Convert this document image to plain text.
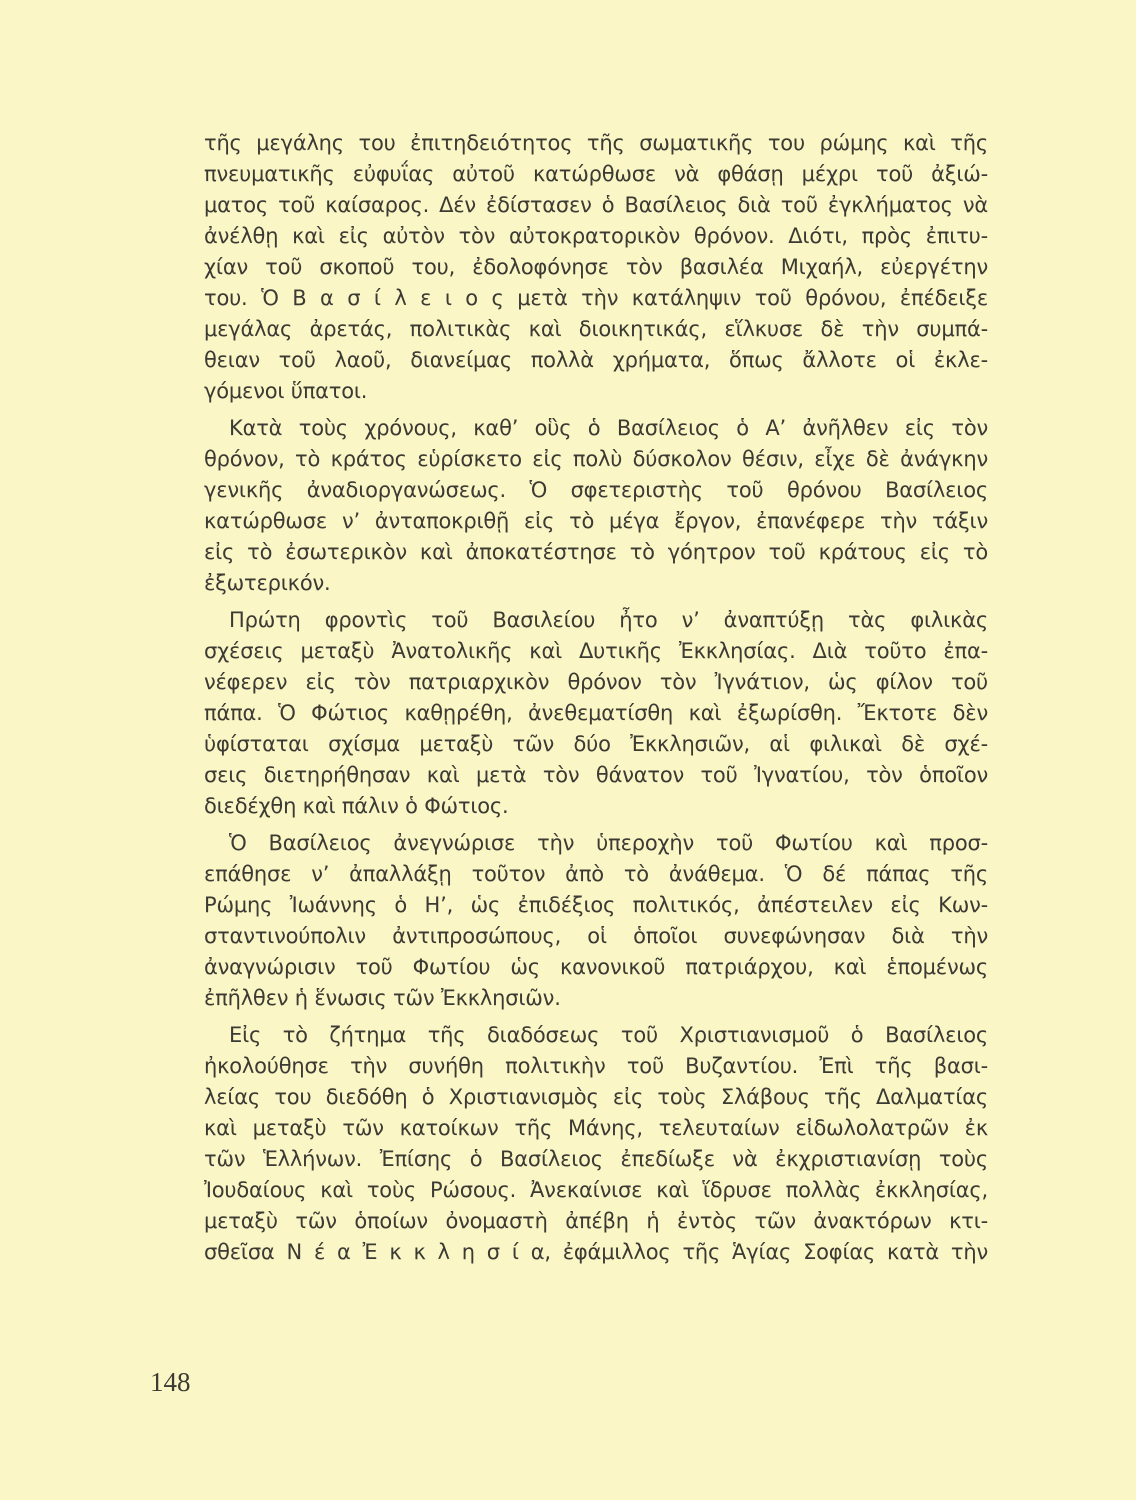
τῆς μεγάλης του ἐπιτηδειότητος τῆς σωματικῆς του ρώμης καὶ τῆς
πνευματικῆς εὐφυΐας αὐτοῦ κατώρθωσε νὰ φθάσῃ μέχρι τοῦ ἀξιώ-
ματος τοῦ καίσαρος. Δέν ἐδίστασεν ὁ Βασίλειος διὰ τοῦ ἐγκλήματος νὰ
ἀνέλθῃ καὶ εἰς αὐτὸν τὸν αὐτοκρατορικὸν θρόνον. Διότι, πρὸς ἐπιτυ-
χίαν τοῦ σκοποῦ του, ἐδολοφόνησε τὸν βασιλέα Μιχαήλ, εὐεργέτην
του. Ὁ Β α σ ί λ ε ι ο ς μετὰ τὴν κατάληψιν τοῦ θρόνου, ἐπέδειξε
μεγάλας ἀρετάς, πολιτικὰς καὶ διοικητικάς, εἵλκυσε δὲ τὴν συμπά-
θειαν τοῦ λαοῦ, διανείμας πολλὰ χρήματα, ὅπως ἄλλοτε οἱ ἐκλε-
γόμενοι ὕπατοι.
Κατὰ τοὺς χρόνους, καθ’ οὓς ὁ Βασίλειος ὁ Α’ ἀνῆλθεν εἰς τὸν
θρόνον, τὸ κράτος εὑρίσκετο εἰς πολὺ δύσκολον θέσιν, εἶχε δὲ ἀνάγκην
γενικῆς ἀναδιοργανώσεως. Ὁ σφετεριστὴς τοῦ θρόνου Βασίλειος
κατώρθωσε ν’ ἀνταποκριθῇ εἰς τὸ μέγα ἔργον, ἐπανέφερε τὴν τάξιν
εἰς τὸ ἐσωτερικὸν καὶ ἀποκατέστησε τὸ γόητρον τοῦ κράτους εἰς τὸ
ἐξωτερικόν.
Πρώτη φροντὶς τοῦ Βασιλείου ἦτο ν’ ἀναπτύξῃ τὰς φιλικὰς
σχέσεις μεταξὺ Ἀνατολικῆς καὶ Δυτικῆς Ἐκκλησίας. Διὰ τοῦτο ἐπα-
νέφερεν εἰς τὸν πατριαρχικὸν θρόνον τὸν Ἰγνάτιον, ὡς φίλον τοῦ
πάπα. Ὁ Φώτιος καθῃρέθη, ἀνεθεματίσθη καὶ ἐξωρίσθη. Ἔκτοτε δὲν
ὑφίσταται σχίσμα μεταξὺ τῶν δύο Ἐκκλησιῶν, αἱ φιλικαὶ δὲ σχέ-
σεις διετηρήθησαν καὶ μετὰ τὸν θάνατον τοῦ Ἰγνατίου, τὸν ὁποῖον
διεδέχθη καὶ πάλιν ὁ Φώτιος.
Ὁ Βασίλειος ἀνεγνώρισε τὴν ὑπεροχὴν τοῦ Φωτίου καὶ προσ-
επάθησε ν’ ἀπαλλάξῃ τοῦτον ἀπὸ τὸ ἀνάθεμα. Ὁ δέ πάπας τῆς
Ρώμης Ἰωάννης ὁ Η’, ὡς ἐπιδέξιος πολιτικός, ἀπέστειλεν εἰς Κων-
σταντινούπολιν ἀντιπροσώπους, οἱ ὁποῖοι συνεφώνησαν διὰ τὴν
ἀναγνώρισιν τοῦ Φωτίου ὡς κανονικοῦ πατριάρχου, καὶ ἑπομένως
ἐπῆλθεν ἡ ἕνωσις τῶν Ἐκκλησιῶν.
Εἰς τὸ ζήτημα τῆς διαδόσεως τοῦ Χριστιανισμοῦ ὁ Βασίλειος
ἠκολούθησε τὴν συνήθη πολιτικὴν τοῦ Βυζαντίου. Ἐπὶ τῆς βασι-
λείας του διεδόθη ὁ Χριστιανισμὸς εἰς τοὺς Σλάβους τῆς Δαλματίας
καὶ μεταξὺ τῶν κατοίκων τῆς Μάνης, τελευταίων εἰδωλολατρῶν ἐκ
τῶν Ἑλλήνων. Ἐπίσης ὁ Βασίλειος ἐπεδίωξε νὰ ἐκχριστιανίσῃ τοὺς
Ἰουδαίους καὶ τοὺς Ρώσους. Ἀνεκαίνισε καὶ ἵδρυσε πολλὰς ἐκκλησίας,
μεταξὺ τῶν ὁποίων ὀνομαστὴ ἀπέβη ἡ ἐντὸς τῶν ἀνακτόρων κτι-
σθεῖσα Ν έ α Ἐ κ κ λ η σ ί α, ἐφάμιλλος τῆς Ἁγίας Σοφίας κατὰ τὴν
148
